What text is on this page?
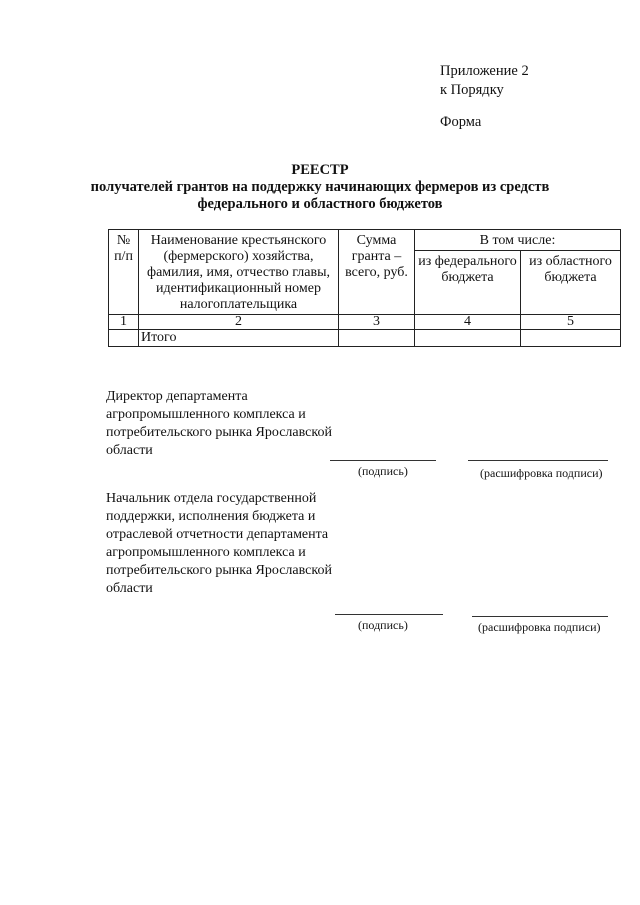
Приложение 2
к Порядку
Форма
РЕЕСТР
получателей грантов на поддержку начинающих фермеров из средств
федерального и областного бюджетов
№ п/п	Наименование крестьянского (фермерского) хозяйства, фамилия, имя, отчество главы, идентификационный номер налогоплательщика	Сумма гранта – всего, руб.	В том числе:	
			из федерального бюджета	из областного бюджета
1	2	3	4	5
	Итого			
Директор департамента агропромышленного комплекса и потребительского рынка Ярославской области
(подпись)	(расшифровка подписи)
Начальник отдела государственной поддержки, исполнения бюджета и отраслевой отчетности департамента агропромышленного комплекса и потребительского рынка Ярославской области
(подпись)	(расшифровка подписи)
